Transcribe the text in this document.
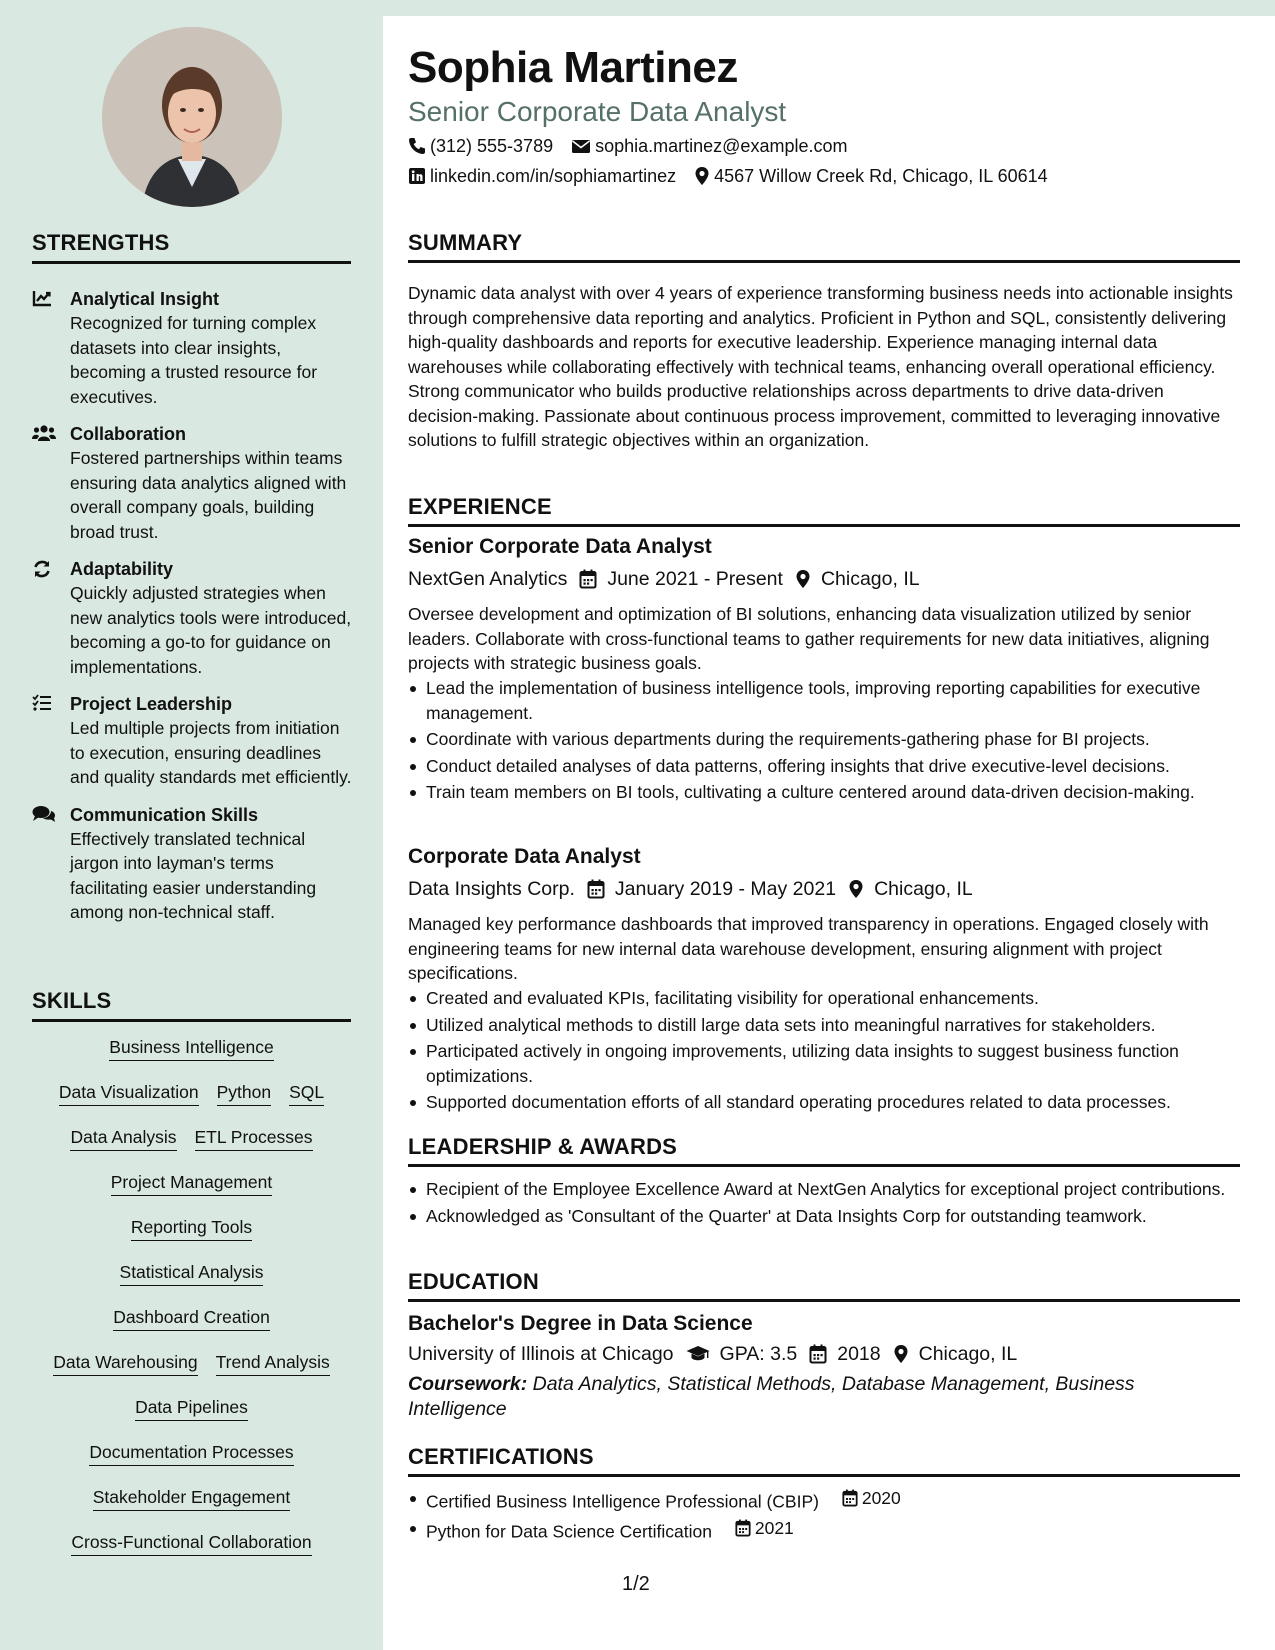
STRENGTHS
Analytical Insight
Recognized for turning complex datasets into clear insights, becoming a trusted resource for executives.
Collaboration
Fostered partnerships within teams ensuring data analytics aligned with overall company goals, building broad trust.
Adaptability
Quickly adjusted strategies when new analytics tools were introduced, becoming a go-to for guidance on implementations.
Project Leadership
Led multiple projects from initiation to execution, ensuring deadlines and quality standards met efficiently.
Communication Skills
Effectively translated technical jargon into layman's terms facilitating easier understanding among non-technical staff.
SKILLS
Business Intelligence
Data Visualization Python SQL
Data Analysis ETL Processes
Project Management
Reporting Tools
Statistical Analysis
Dashboard Creation
Data Warehousing Trend Analysis
Data Pipelines
Documentation Processes
Stakeholder Engagement
Cross-Functional Collaboration
Sophia Martinez
Senior Corporate Data Analyst
(312) 555-3789 sophia.martinez@example.com
linkedin.com/in/sophiamartinez 4567 Willow Creek Rd, Chicago, IL 60614
SUMMARY
Dynamic data analyst with over 4 years of experience transforming business needs into actionable insights through comprehensive data reporting and analytics. Proficient in Python and SQL, consistently delivering high-quality dashboards and reports for executive leadership. Experience managing internal data warehouses while collaborating effectively with technical teams, enhancing overall operational efficiency. Strong communicator who builds productive relationships across departments to drive data-driven decision-making. Passionate about continuous process improvement, committed to leveraging innovative solutions to fulfill strategic objectives within an organization.
EXPERIENCE
Senior Corporate Data Analyst
NextGen Analytics June 2021 - Present Chicago, IL
Oversee development and optimization of BI solutions, enhancing data visualization utilized by senior leaders. Collaborate with cross-functional teams to gather requirements for new data initiatives, aligning projects with strategic business goals.
Lead the implementation of business intelligence tools, improving reporting capabilities for executive management.
Coordinate with various departments during the requirements-gathering phase for BI projects.
Conduct detailed analyses of data patterns, offering insights that drive executive-level decisions.
Train team members on BI tools, cultivating a culture centered around data-driven decision-making.
Corporate Data Analyst
Data Insights Corp. January 2019 - May 2021 Chicago, IL
Managed key performance dashboards that improved transparency in operations. Engaged closely with engineering teams for new internal data warehouse development, ensuring alignment with project specifications.
Created and evaluated KPIs, facilitating visibility for operational enhancements.
Utilized analytical methods to distill large data sets into meaningful narratives for stakeholders.
Participated actively in ongoing improvements, utilizing data insights to suggest business function optimizations.
Supported documentation efforts of all standard operating procedures related to data processes.
LEADERSHIP & AWARDS
Recipient of the Employee Excellence Award at NextGen Analytics for exceptional project contributions.
Acknowledged as 'Consultant of the Quarter' at Data Insights Corp for outstanding teamwork.
EDUCATION
Bachelor's Degree in Data Science
University of Illinois at Chicago GPA: 3.5 2018 Chicago, IL
Coursework: Data Analytics, Statistical Methods, Database Management, Business Intelligence
CERTIFICATIONS
Certified Business Intelligence Professional (CBIP) 2020
Python for Data Science Certification 2021
1/2
